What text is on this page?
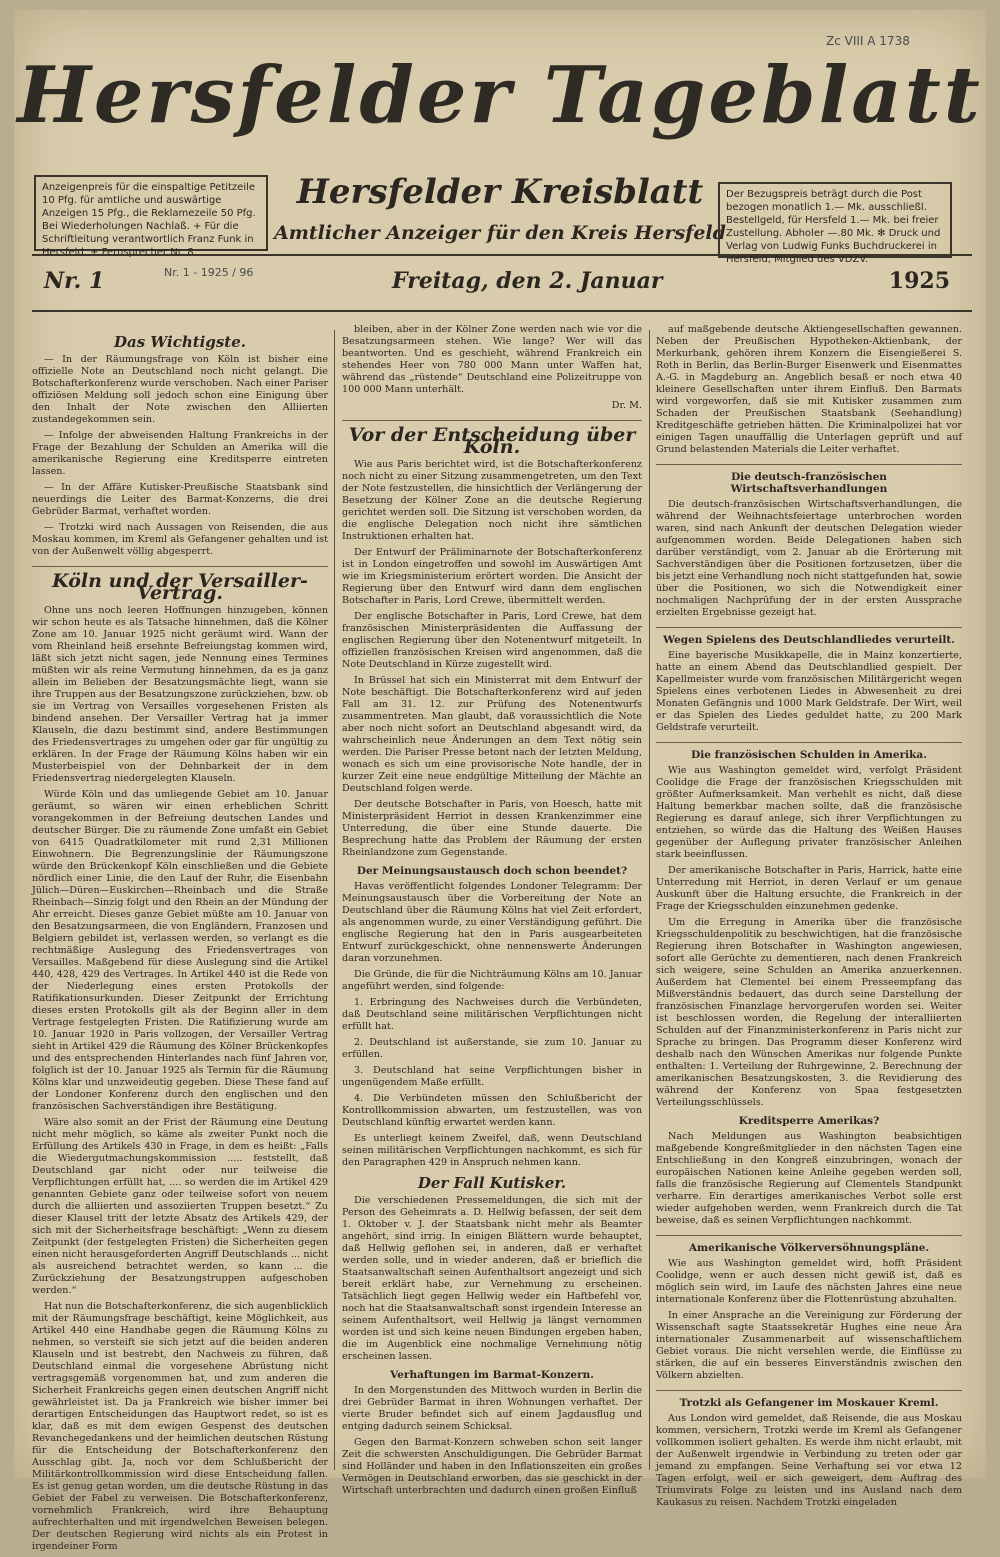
Zc VIII A 1738
Nr. 1 - 1925 / 96
Hersfelder Tageblatt
Anzeigenpreis für die einspaltige Petitzeile 10 Pfg. für amtliche und auswärtige Anzeigen 15 Pfg., die Reklamezeile 50 Pfg. Bei Wiederholungen Nachlaß. + Für die Schriftleitung verantwortlich Franz Funk in Hersfeld. + Fernsprecher Nr. 8.
Hersfelder Kreisblatt
Amtlicher Anzeiger für den Kreis Hersfeld
Der Bezugspreis beträgt durch die Post bezogen monatlich 1.— Mk. ausschließl. Bestellgeld, für Hersfeld 1.— Mk. bei freier Zustellung. Abholer —.80 Mk. ✻ Druck und Verlag von Ludwig Funks Buchdruckerei in Hersfeld, Mitglied des VDZV.
Nr. 1	Freitag, den 2. Januar	1925
Das Wichtigste.

— In der Räumungsfrage von Köln ist bisher eine offizielle Note an Deutschland noch nicht gelangt. Die Botschafterkonferenz wurde verschoben. Nach einer Pariser offiziösen Meldung soll jedoch schon eine Einigung über den Inhalt der Note zwischen den Alliierten zustandegekommen sein.

— Infolge der abweisenden Haltung Frankreichs in der Frage der Bezahlung der Schulden an Amerika will die amerikanische Regierung eine Kreditsperre eintreten lassen.

— In der Affäre Kutisker-Preußische Staatsbank sind neuerdings die Leiter des Barmat-Konzerns, die drei Gebrüder Barmat, verhaftet worden.

— Trotzki wird nach Aussagen von Reisenden, die aus Moskau kommen, im Kreml als Gefangener gehalten und ist von der Außenwelt völlig abgesperrt.

Köln und der Versailler-Vertrag.

Ohne uns noch leeren Hoffnungen hinzugeben, können wir schon heute es als Tatsache hinnehmen, daß die Kölner Zone am 10. Januar 1925 nicht geräumt wird. Wann der vom Rheinland heiß ersehnte Befreiungstag kommen wird, läßt sich jetzt nicht sagen, jede Nennung eines Termines müßten wir als reine Vermutung hinnehmen, da es ja ganz allein im Belieben der Besatzungsmächte liegt, wann sie ihre Truppen aus der Besatzungszone zurückziehen, bzw. ob sie im Vertrag von Versailles vorgesehenen Fristen als bindend ansehen. Der Versailler Vertrag hat ja immer Klauseln, die dazu bestimmt sind, andere Bestimmungen des Friedensvertrages zu umgehen oder gar für ungültig zu erklären. In der Frage der Räumung Kölns haben wir ein Musterbeispiel von der Dehnbarkeit der in dem Friedensvertrag niedergelegten Klauseln.

Würde Köln und das umliegende Gebiet am 10. Januar geräumt, so wären wir einen erheblichen Schritt vorangekommen in der Befreiung deutschen Landes und deutscher Bürger. Die zu räumende Zone umfaßt ein Gebiet von 6415 Quadratkilometer mit rund 2,31 Millionen Einwohnern. Die Begrenzungslinie der Räumungszone würde den Brückenkopf Köln einschließen und die Gebiete nördlich einer Linie, die den Lauf der Ruhr, die Eisenbahn Jülich—Düren—Euskirchen—Rheinbach und die Straße Rheinbach—Sinzig folgt und den Rhein an der Mündung der Ahr erreicht. Dieses ganze Gebiet müßte am 10. Januar von den Besatzungsarmeen, die von Engländern, Franzosen und Belgiern gebildet ist, verlassen werden, so verlangt es die rechtmäßige Auslegung des Friedensvertrages von Versailles. Maßgebend für diese Auslegung sind die Artikel 440, 428, 429 des Vertrages. In Artikel 440 ist die Rede von der Niederlegung eines ersten Protokolls der Ratifikationsurkunden. Dieser Zeitpunkt der Errichtung dieses ersten Protokolls gilt als der Beginn aller in dem Vertrage festgelegten Fristen. Die Ratifizierung wurde am 10. Januar 1920 in Paris vollzogen, der Versailler Vertrag sieht in Artikel 429 die Räumung des Kölner Brückenkopfes und des entsprechenden Hinterlandes nach fünf Jahren vor, folglich ist der 10. Januar 1925 als Termin für die Räumung Kölns klar und unzweideutig gegeben. Diese These fand auf der Londoner Konferenz durch den englischen und den französischen Sachverständigen ihre Bestätigung.

Wäre also somit an der Frist der Räumung eine Deutung nicht mehr möglich, so käme als zweiter Punkt noch die Erfüllung des Artikels 430 in Frage, in dem es heißt: „Falls die Wiedergutmachungskommission ..... feststellt, daß Deutschland gar nicht oder nur teilweise die Verpflichtungen erfüllt hat, .... so werden die im Artikel 429 genannten Gebiete ganz oder teilweise sofort von neuem durch die alliierten und assoziierten Truppen besetzt.“ Zu dieser Klausel tritt der letzte Absatz des Artikels 429, der sich mit der Sicherheitsfrage beschäftigt: „Wenn zu diesem Zeitpunkt (der festgelegten Fristen) die Sicherheiten gegen einen nicht herausgeforderten Angriff Deutschlands ... nicht als ausreichend betrachtet werden, so kann ... die Zurückziehung der Besatzungstruppen aufgeschoben werden.“

Hat nun die Botschafterkonferenz, die sich augenblicklich mit der Räumungsfrage beschäftigt, keine Möglichkeit, aus Artikel 440 eine Handhabe gegen die Räumung Kölns zu nehmen, so versteift sie sich jetzt auf die beiden anderen Klauseln und ist bestrebt, den Nachweis zu führen, daß Deutschland einmal die vorgesehene Abrüstung nicht vertragsgemäß vorgenommen hat, und zum anderen die Sicherheit Frankreichs gegen einen deutschen Angriff nicht gewährleistet ist. Da ja Frankreich wie bisher immer bei derartigen Entscheidungen das Hauptwort redet, so ist es klar, daß es mit dem ewigen Gespenst des deutschen Revanchegedankens und der heimlichen deutschen Rüstung für die Entscheidung der Botschafterkonferenz den Ausschlag gibt. Ja, noch vor dem Schlußbericht der Militärkontrollkommission wird diese Entscheidung fallen. Es ist genug getan worden, um die deutsche Rüstung in das Gebiet der Fabel zu verweisen. Die Botschafterkonferenz, vornehmlich Frankreich, wird ihre Behauptung aufrechterhalten und mit irgendwelchen Beweisen belegen. Der deutschen Regierung wird nichts als ein Protest in irgendeiner Form

bleiben, aber in der Kölner Zone werden nach wie vor die Besatzungsarmeen stehen. Wie lange? Wer will das beantworten. Und es geschieht, während Frankreich ein stehendes Heer von 780 000 Mann unter Waffen hat, während das „rüstende“ Deutschland eine Polizeitruppe von 100 000 Mann unterhält.

Dr. M.
Vor der Entscheidung über Köln.

Wie aus Paris berichtet wird, ist die Botschafterkonferenz noch nicht zu einer Sitzung zusammengetreten, um den Text der Note festzustellen, die hinsichtlich der Verlängerung der Besetzung der Kölner Zone an die deutsche Regierung gerichtet werden soll. Die Sitzung ist verschoben worden, da die englische Delegation noch nicht ihre sämtlichen Instruktionen erhalten hat.

Der Entwurf der Präliminarnote der Botschafterkonferenz ist in London eingetroffen und sowohl im Auswärtigen Amt wie im Kriegsministerium erörtert worden. Die Ansicht der Regierung über den Entwurf wird dann dem englischen Botschafter in Paris, Lord Crewe, übermittelt werden.

Der englische Botschafter in Paris, Lord Crewe, hat dem französischen Ministerpräsidenten die Auffassung der englischen Regierung über den Notenentwurf mitgeteilt. In offiziellen französischen Kreisen wird angenommen, daß die Note Deutschland in Kürze zugestellt wird.

In Brüssel hat sich ein Ministerrat mit dem Entwurf der Note beschäftigt. Die Botschafterkonferenz wird auf jeden Fall am 31. 12. zur Prüfung des Notenentwurfs zusammentreten. Man glaubt, daß voraussichtlich die Note aber noch nicht sofort an Deutschland abgesandt wird, da wahrscheinlich neue Änderungen an dem Text nötig sein werden. Die Pariser Presse betont nach der letzten Meldung, wonach es sich um eine provisorische Note handle, der in kurzer Zeit eine neue endgültige Mitteilung der Mächte an Deutschland folgen werde.

Der deutsche Botschafter in Paris, von Hoesch, hatte mit Ministerpräsident Herriot in dessen Krankenzimmer eine Unterredung, die über eine Stunde dauerte. Die Besprechung hatte das Problem der Räumung der ersten Rheinlandzone zum Gegenstande.

Der Meinungsaustausch doch schon beendet?

Havas veröffentlicht folgendes Londoner Telegramm: Der Meinungsaustausch über die Vorbereitung der Note an Deutschland über die Räumung Kölns hat viel Zeit erfordert, als angenommen wurde, zu einer Verständigung geführt. Die englische Regierung hat den in Paris ausgearbeiteten Entwurf zurückgeschickt, ohne nennenswerte Änderungen daran vorzunehmen.

Die Gründe, die für die Nichträumung Kölns am 10. Januar angeführt werden, sind folgende:

1. Erbringung des Nachweises durch die Verbündeten, daß Deutschland seine militärischen Verpflichtungen nicht erfüllt hat.

2. Deutschland ist außerstande, sie zum 10. Januar zu erfüllen.

3. Deutschland hat seine Verpflichtungen bisher in ungenügendem Maße erfüllt.

4. Die Verbündeten müssen den Schlußbericht der Kontrollkommission abwarten, um festzustellen, was von Deutschland künftig erwartet werden kann.

Es unterliegt keinem Zweifel, daß, wenn Deutschland seinen militärischen Verpflichtungen nachkommt, es sich für den Paragraphen 429 in Anspruch nehmen kann.

Der Fall Kutisker.

Die verschiedenen Pressemeldungen, die sich mit der Person des Geheimrats a. D. Hellwig befassen, der seit dem 1. Oktober v. J. der Staatsbank nicht mehr als Beamter angehört, sind irrig. In einigen Blättern wurde behauptet, daß Hellwig geflohen sei, in anderen, daß er verhaftet werden solle, und in wieder anderen, daß er brieflich die Staatsanwaltschaft seinen Aufenthaltsort angezeigt und sich bereit erklärt habe, zur Vernehmung zu erscheinen. Tatsächlich liegt gegen Hellwig weder ein Haftbefehl vor, noch hat die Staatsanwaltschaft sonst irgendein Interesse an seinem Aufenthaltsort, weil Hellwig ja längst vernommen worden ist und sich keine neuen Bindungen ergeben haben, die im Augenblick eine nochmalige Vernehmung nötig erscheinen lassen.

Verhaftungen im Barmat-Konzern.

In den Morgenstunden des Mittwoch wurden in Berlin die drei Gebrüder Barmat in ihren Wohnungen verhaftet. Der vierte Bruder befindet sich auf einem Jagdausflug und entging dadurch seinem Schicksal.

Gegen den Barmat-Konzern schweben schon seit langer Zeit die schwersten Anschuldigungen. Die Gebrüder Barmat sind Holländer und haben in den Inflationszeiten ein großes Vermögen in Deutschland erworben, das sie geschickt in der Wirtschaft unterbrachten und dadurch einen großen Einfluß

auf maßgebende deutsche Aktiengesellschaften gewannen. Neben der Preußischen Hypotheken-Aktienbank, der Merkurbank, gehören ihrem Konzern die Eisengießerei S. Roth in Berlin, das Berlin-Burger Eisenwerk und Eisenmattes A.-G. in Magdeburg an. Angeblich besaß er noch etwa 40 kleinere Gesellschaften unter ihrem Einfluß. Den Barmats wird vorgeworfen, daß sie mit Kutisker zusammen zum Schaden der Preußischen Staatsbank (Seehandlung) Kreditgeschäfte getrieben hätten. Die Kriminalpolizei hat vor einigen Tagen unauffällig die Unterlagen geprüft und auf Grund belastenden Materials die Leiter verhaftet.

Die deutsch-französischen Wirtschaftsverhandlungen

Die deutsch-französischen Wirtschaftsverhandlungen, die während der Weihnachtsfeiertage unterbrochen worden waren, sind nach Ankunft der deutschen Delegation wieder aufgenommen worden. Beide Delegationen haben sich darüber verständigt, vom 2. Januar ab die Erörterung mit Sachverständigen über die Positionen fortzusetzen, über die bis jetzt eine Verhandlung noch nicht stattgefunden hat, sowie über die Positionen, wo sich die Notwendigkeit einer nochmaligen Nachprüfung der in der ersten Aussprache erzielten Ergebnisse gezeigt hat.

Wegen Spielens des Deutschlandliedes verurteilt.

Eine bayerische Musikkapelle, die in Mainz konzertierte, hatte an einem Abend das Deutschlandlied gespielt. Der Kapellmeister wurde vom französischen Militärgericht wegen Spielens eines verbotenen Liedes in Abwesenheit zu drei Monaten Gefängnis und 1000 Mark Geldstrafe. Der Wirt, weil er das Spielen des Liedes geduldet hatte, zu 200 Mark Geldstrafe verurteilt.

Die französischen Schulden in Amerika.

Wie aus Washington gemeldet wird, verfolgt Präsident Coolidge die Frage der französischen Kriegsschulden mit größter Aufmerksamkeit. Man verhehlt es nicht, daß diese Haltung bemerkbar machen sollte, daß die französische Regierung es darauf anlege, sich ihrer Verpflichtungen zu entziehen, so würde das die Haltung des Weißen Hauses gegenüber der Auflegung privater französischer Anleihen stark beeinflussen.

Der amerikanische Botschafter in Paris, Harrick, hatte eine Unterredung mit Herriot, in deren Verlauf er um genaue Auskunft über die Haltung ersuchte, die Frankreich in der Frage der Kriegsschulden einzunehmen gedenke.

Um die Erregung in Amerika über die französische Kriegsschuldenpolitik zu beschwichtigen, hat die französische Regierung ihren Botschafter in Washington angewiesen, sofort alle Gerüchte zu dementieren, nach denen Frankreich sich weigere, seine Schulden an Amerika anzuerkennen. Außerdem hat Clementel bei einem Presseempfang das Mißverständnis bedauert, das durch seine Darstellung der französischen Finanzlage hervorgerufen worden sei. Weiter ist beschlossen worden, die Regelung der interalliierten Schulden auf der Finanzministerkonferenz in Paris nicht zur Sprache zu bringen. Das Programm dieser Konferenz wird deshalb nach den Wünschen Amerikas nur folgende Punkte enthalten: 1. Verteilung der Ruhrgewinne, 2. Berechnung der amerikanischen Besatzungskosten, 3. die Revidierung des während der Konferenz von Spaa festgesetzten Verteilungsschlüssels.

Kreditsperre Amerikas?

Nach Meldungen aus Washington beabsichtigen maßgebende Kongreßmitglieder in den nächsten Tagen eine Entschließung in den Kongreß einzubringen, wonach der europäischen Nationen keine Anleihe gegeben werden soll, falls die französische Regierung auf Clementels Standpunkt verharre. Ein derartiges amerikanisches Verbot solle erst wieder aufgehoben werden, wenn Frankreich durch die Tat beweise, daß es seinen Verpflichtungen nachkommt.

Amerikanische Völkerversöhnungspläne.

Wie aus Washington gemeldet wird, hofft Präsident Coolidge, wenn er auch dessen nicht gewiß ist, daß es möglich sein wird, im Laufe des nächsten Jahres eine neue internationale Konferenz über die Flottenrüstung abzuhalten.

In einer Ansprache an die Vereinigung zur Förderung der Wissenschaft sagte Staatssekretär Hughes eine neue Ära internationaler Zusammenarbeit auf wissenschaftlichem Gebiet voraus. Die nicht versehlen werde, die Einflüsse zu stärken, die auf ein besseres Einverständnis zwischen den Völkern abzielten.

Trotzki als Gefangener im Moskauer Kreml.

Aus London wird gemeldet, daß Reisende, die aus Moskau kommen, versichern, Trotzki werde im Kreml als Gefangener vollkommen isoliert gehalten. Es werde ihm nicht erlaubt, mit der Außenwelt irgendwie in Verbindung zu treten oder gar jemand zu empfangen. Seine Verhaftung sei vor etwa 12 Tagen erfolgt, weil er sich geweigert, dem Auftrag des Triumvirats Folge zu leisten und ins Ausland nach dem Kaukasus zu reisen. Nachdem Trotzki eingeladen
